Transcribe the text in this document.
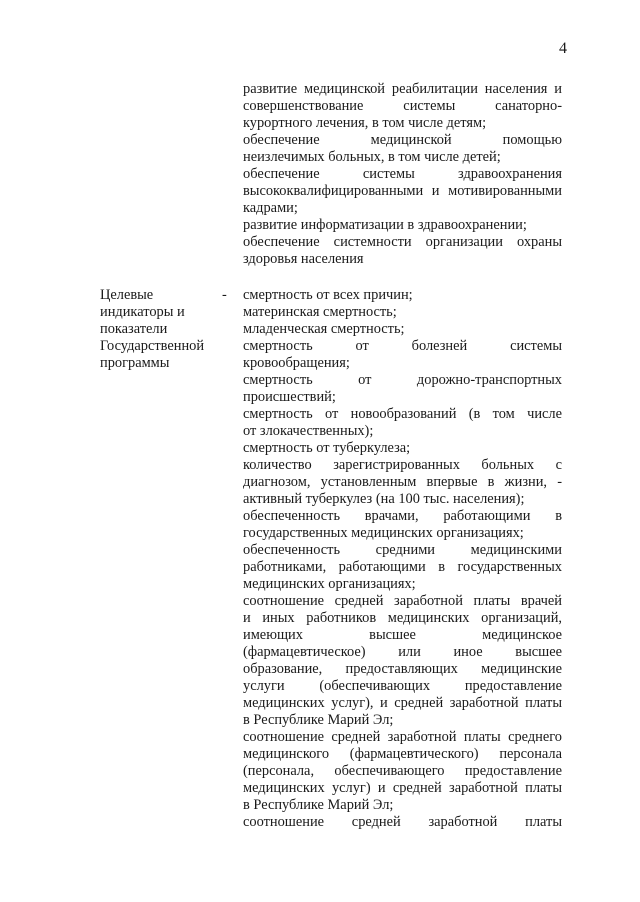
4
развитие медицинской реабилитации населения и
совершенствование системы санаторно-
курортного лечения, в том числе детям;
обеспечение медицинской помощью
неизлечимых больных, в том числе детей;
обеспечение системы здравоохранения
высококвалифицированными и мотивированными
кадрами;
развитие информатизации в здравоохранении;
обеспечение системности организации охраны
здоровья населения
Целевые
индикаторы и
показатели
Государственной
программы
- смертность от всех причин;
материнская смертность;
младенческая смертность;
смертность от болезней системы
кровообращения;
смертность от дорожно-транспортных
происшествий;
смертность от новообразований (в том числе
от злокачественных);
смертность от туберкулеза;
количество зарегистрированных больных с
диагнозом, установленным впервые в жизни, -
активный туберкулез (на 100 тыс. населения);
обеспеченность врачами, работающими в
государственных медицинских организациях;
обеспеченность средними медицинскими
работниками, работающими в государственных
медицинских организациях;
соотношение средней заработной платы врачей
и иных работников медицинских организаций,
имеющих высшее медицинское
(фармацевтическое) или иное высшее
образование, предоставляющих медицинские
услуги (обеспечивающих предоставление
медицинских услуг), и средней заработной платы
в Республике Марий Эл;
соотношение средней заработной платы среднего
медицинского (фармацевтического) персонала
(персонала, обеспечивающего предоставление
медицинских услуг) и средней заработной платы
в Республике Марий Эл;
соотношение средней заработной платы
